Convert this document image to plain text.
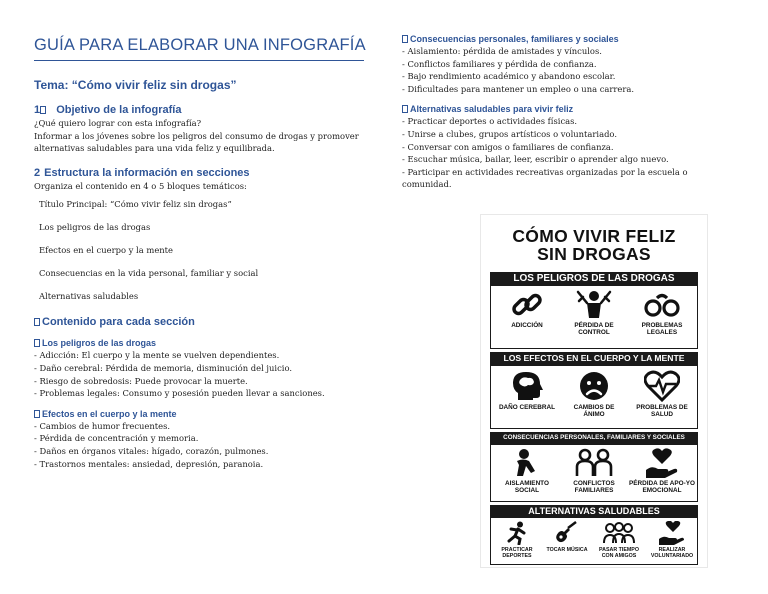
GUÍA PARA ELABORAR UNA INFOGRAFÍA
Tema: “Cómo vivir feliz sin drogas”
1 Objetivo de la infografía
¿Qué quiero lograr con esta infografía?
Informar a los jóvenes sobre los peligros del consumo de drogas y promover alternativas saludables para una vida feliz y equilibrada.
2 Estructura la información en secciones
Organiza el contenido en 4 o 5 bloques temáticos:
Título Principal: “Cómo vivir feliz sin drogas”
Los peligros de las drogas
Efectos en el cuerpo y la mente
Consecuencias en la vida personal, familiar y social
Alternativas saludables
Contenido para cada sección
Los peligros de las drogas
- Adicción: El cuerpo y la mente se vuelven dependientes.
- Daño cerebral: Pérdida de memoria, disminución del juicio.
- Riesgo de sobredosis: Puede provocar la muerte.
- Problemas legales: Consumo y posesión pueden llevar a sanciones.
Efectos en el cuerpo y la mente
- Cambios de humor frecuentes.
- Pérdida de concentración y memoria.
- Daños en órganos vitales: hígado, corazón, pulmones.
- Trastornos mentales: ansiedad, depresión, paranoia.
Consecuencias personales, familiares y sociales
- Aislamiento: pérdida de amistades y vínculos.
- Conflictos familiares y pérdida de confianza.
- Bajo rendimiento académico y abandono escolar.
- Dificultades para mantener un empleo o una carrera.
Alternativas saludables para vivir feliz
- Practicar deportes o actividades físicas.
- Unirse a clubes, grupos artísticos o voluntariado.
- Conversar con amigos o familiares de confianza.
- Escuchar música, bailar, leer, escribir o aprender algo nuevo.
- Participar en actividades recreativas organizadas por la escuela o comunidad.
CÓMO VIVIR FELIZ
SIN DROGAS
LOS PELIGROS DE LAS DROGAS
ADICCIÓN	PÉRDIDA DE CONTROL
PROBLEMAS LEGALES
LOS EFECTOS EN EL CUERPO Y LA MENTE
DAÑO CEREBRAL	CAMBIOS DE ÁNIMO
PROBLEMAS DE SALUD
CONSECUENCIAS PERSONALES, FAMILIARES Y SOCIALES
AISLAMIENTO SOCIAL
CONFLICTOS FAMILIARES
PÉRDIDA DE APO-YO EMOCIONAL
ALTERNATIVAS SALUDABLES
PRACTICAR DEPORTES
TOCAR MÚSICA	PASAR TIEMPO CON AMIGOS
REALIZAR VOLUNTARIADO
